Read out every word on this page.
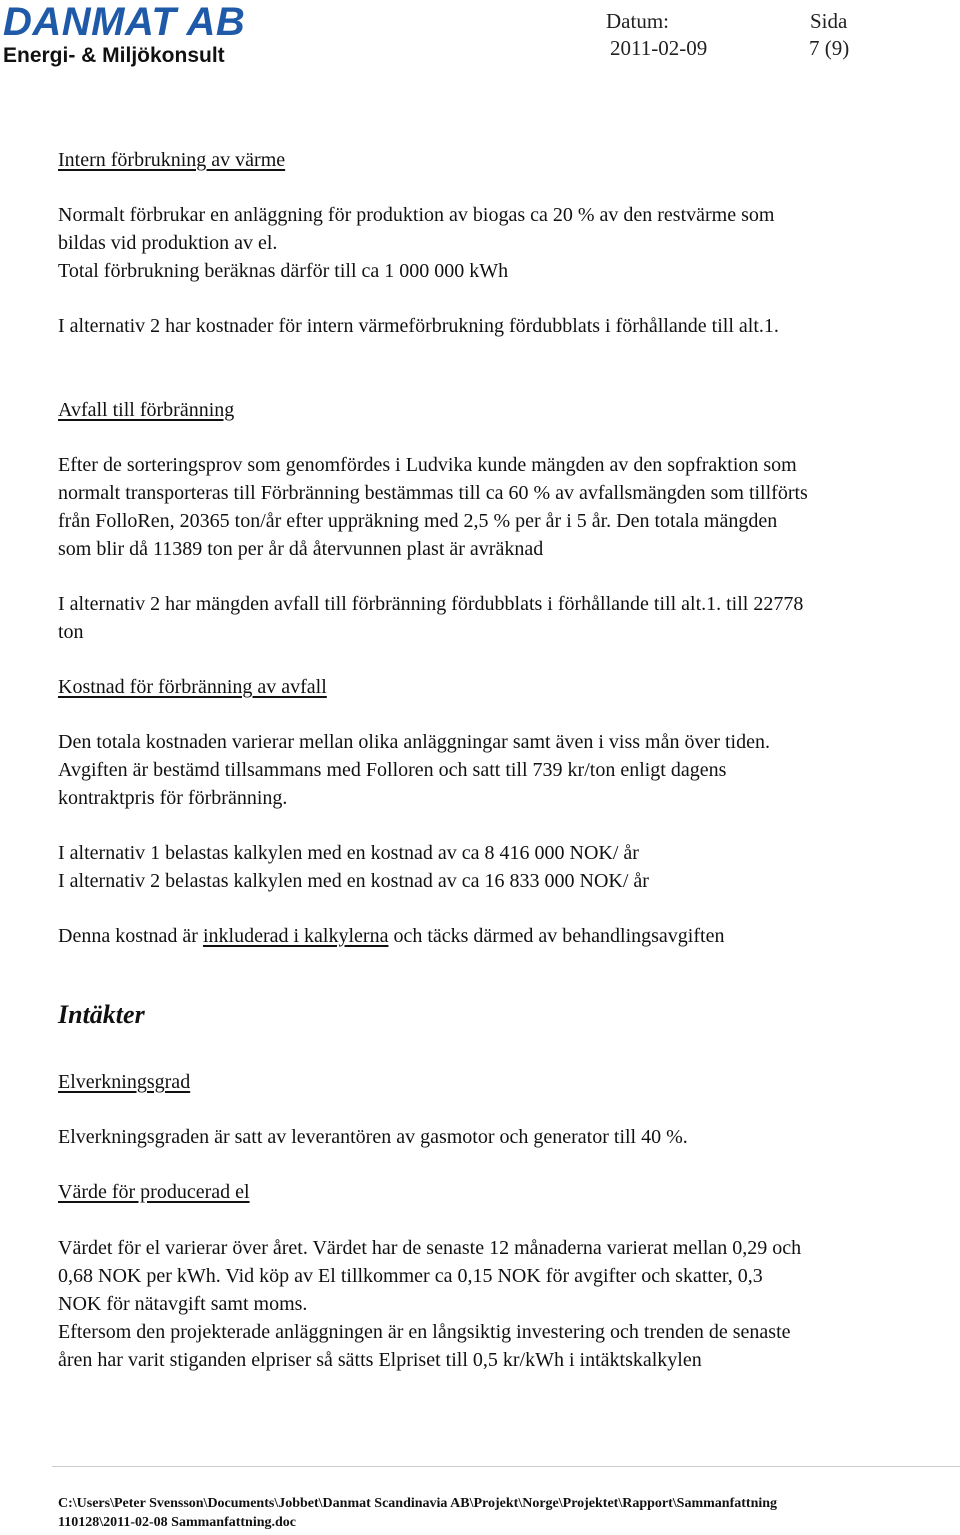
DANMAT AB
Energi- & Miljökonsult
Datum:
2011-02-09
Sida
7 (9)
Intern förbrukning av värme
Normalt förbrukar en anläggning för produktion av biogas ca 20 % av den restvärme som
bildas vid produktion av el.
Total förbrukning beräknas därför till ca 1 000 000 kWh
I alternativ 2 har kostnader för intern värmeförbrukning fördubblats i förhållande till alt.1.
Avfall till förbränning
Efter de sorteringsprov som genomfördes i Ludvika kunde mängden av den sopfraktion som
normalt transporteras till Förbränning bestämmas till ca 60 % av avfallsmängden som tillförts
från FolloRen, 20365 ton/år efter uppräkning med 2,5 % per år i 5 år. Den totala mängden
som blir då 11389 ton per år då återvunnen plast är avräknad
I alternativ 2 har mängden avfall till förbränning fördubblats i förhållande till alt.1. till 22778
ton
Kostnad för förbränning av avfall
Den totala kostnaden varierar mellan olika anläggningar samt även i viss mån över tiden.
Avgiften är bestämd tillsammans med Folloren och satt till 739 kr/ton enligt dagens
kontraktpris för förbränning.
I alternativ 1 belastas kalkylen med en kostnad av ca 8 416 000 NOK/ år
I alternativ 2 belastas kalkylen med en kostnad av ca 16 833 000 NOK/ år
Denna kostnad är inkluderad i kalkylerna och täcks därmed av behandlingsavgiften
Intäkter
Elverkningsgrad
Elverkningsgraden är satt av leverantören av gasmotor och generator till 40 %.
Värde för producerad el
Värdet för el varierar över året. Värdet har de senaste 12 månaderna varierat mellan 0,29 och
0,68 NOK per kWh. Vid köp av El tillkommer ca 0,15 NOK för avgifter och skatter, 0,3
NOK för nätavgift samt moms.
Eftersom den projekterade anläggningen är en långsiktig investering och trenden de senaste
åren har varit stiganden elpriser så sätts Elpriset till 0,5 kr/kWh i intäktskalkylen
C:\Users\Peter Svensson\Documents\Jobbet\Danmat Scandinavia AB\Projekt\Norge\Projektet\Rapport\Sammanfattning
110128\2011-02-08 Sammanfattning.doc
